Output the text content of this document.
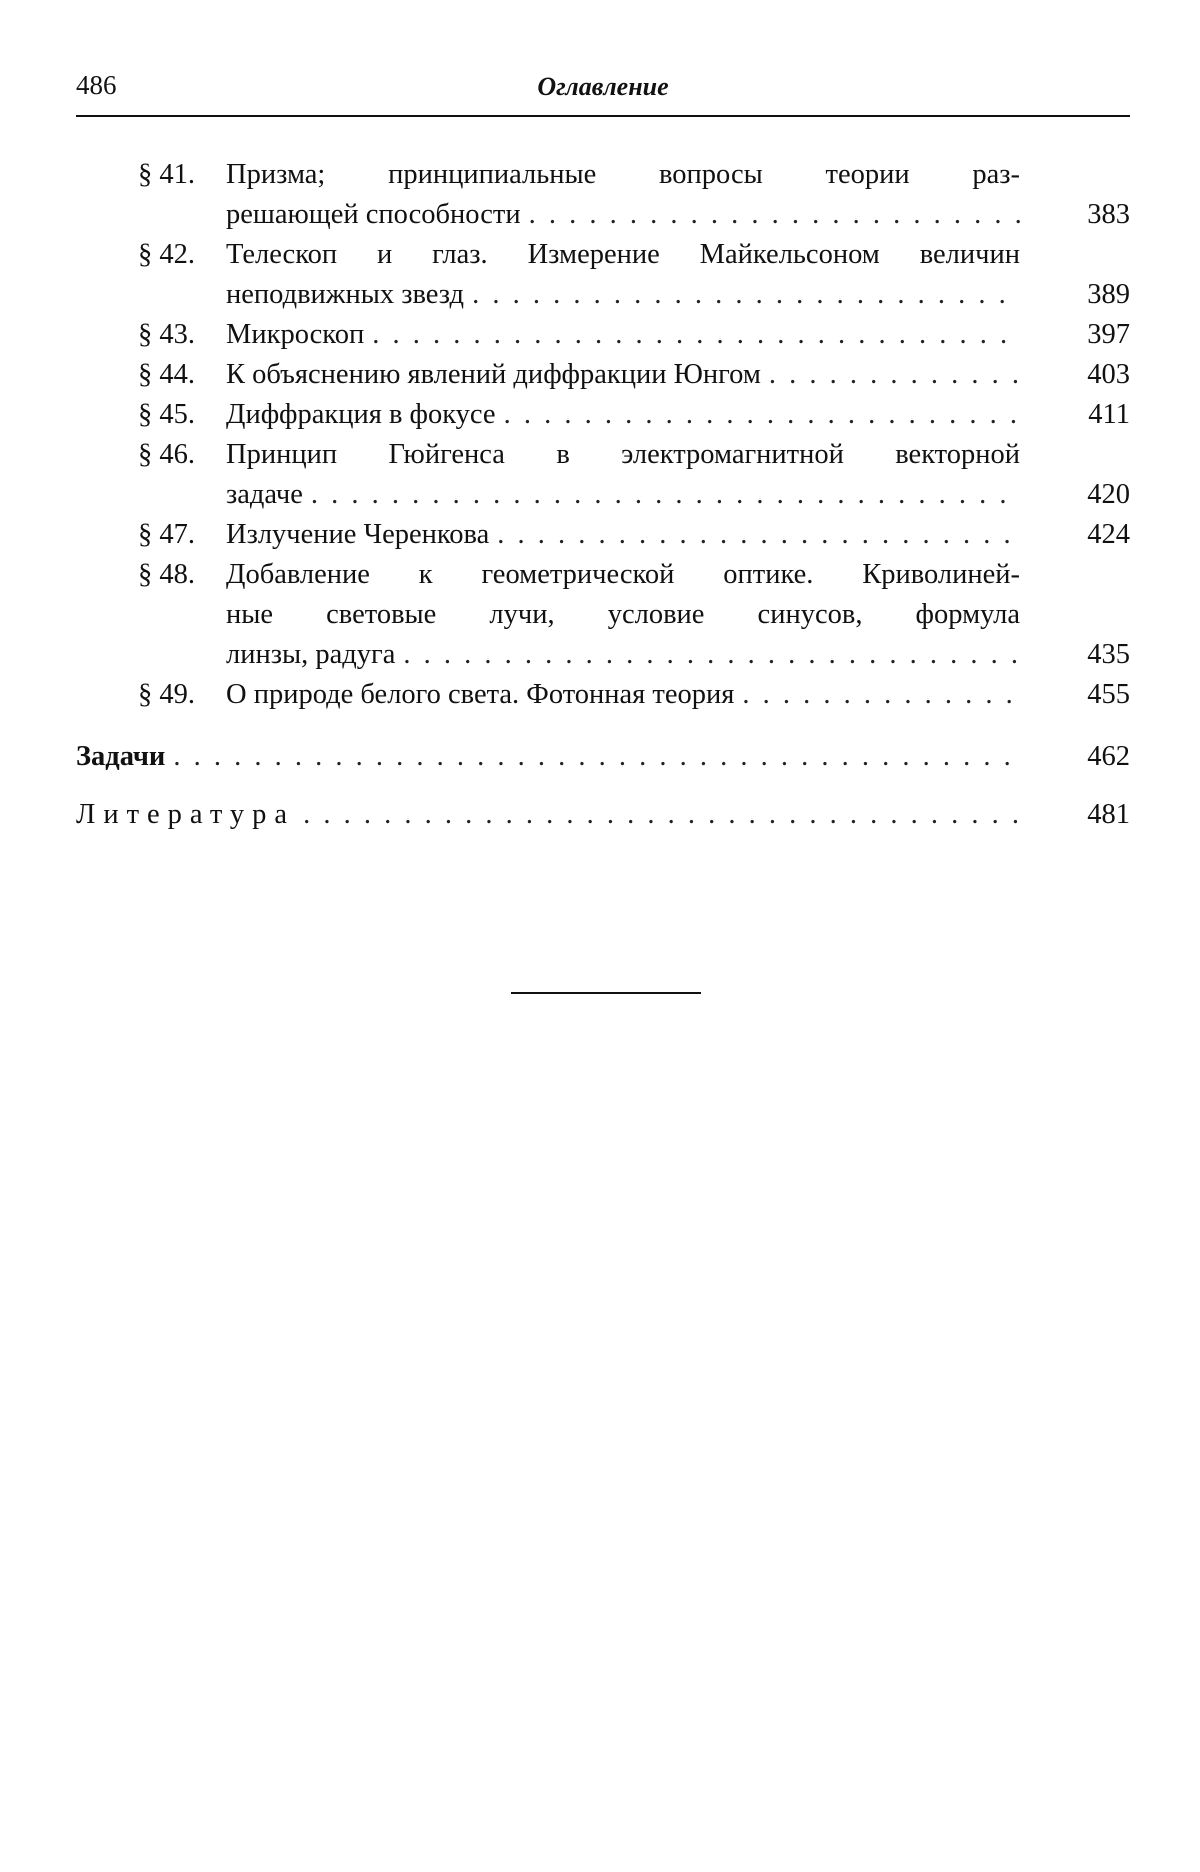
486	Оглавление
§ 41.	Призма; принципиальные вопросы теории раз-
решающей способности . . .	383
§ 42.	Телескоп и глаз. Измерение Майкельсоном величин
неподвижных звезд . . .	389
§ 43.	Микроскоп . . .	397
§ 44.	К объяснению явлений диффракции Юнгом . . .	403
§ 45.	Диффракция в фокусе . . .	411
§ 46.	Принцип Гюйгенса в электромагнитной векторной
задаче . . .	420
§ 47.	Излучение Черенкова . . .	424
§ 48.	Добавление к геометрической оптике. Криволиней-
ные световые лучи, условие синусов, формула
линзы, радуга . . .	435
§ 49.	О природе белого света. Фотонная теория . . .	455
Задачи . . .	462
Литература . . .	481
